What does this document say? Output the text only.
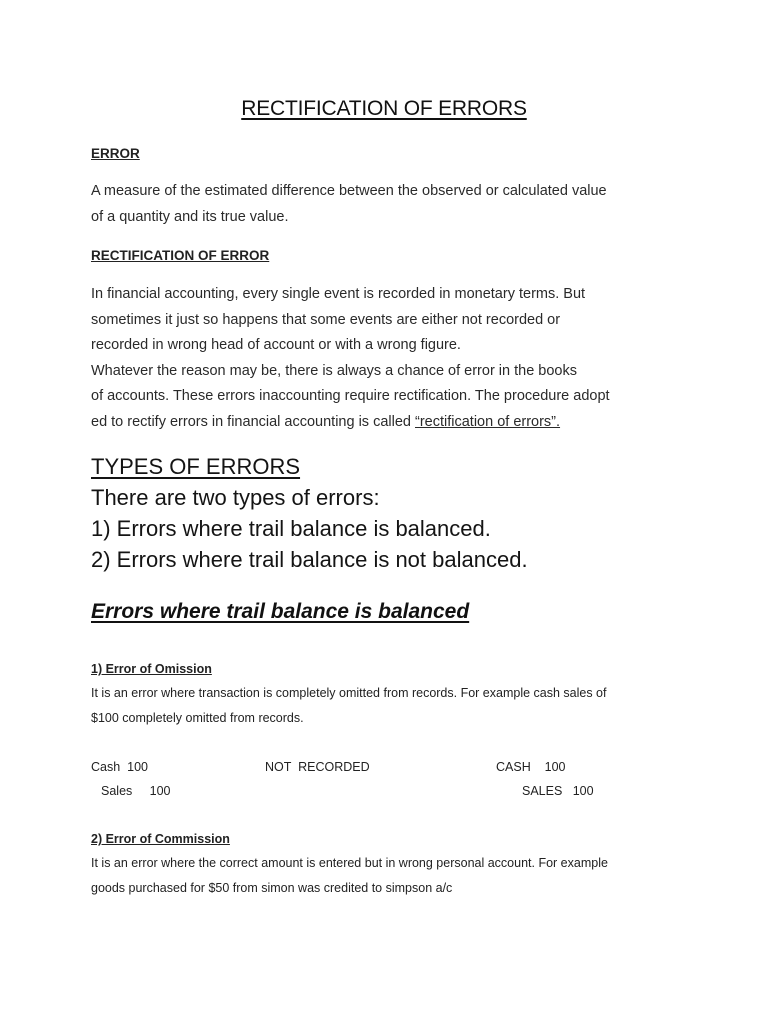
RECTIFICATION OF ERRORS
ERROR
A measure of the estimated difference between the observed or calculated value
of a quantity and its true value.
RECTIFICATION OF ERROR
In financial accounting, every single event is recorded in monetary terms. But
sometimes it just so happens that some events are either not recorded or
recorded in wrong head of account or with a wrong figure.
Whatever the reason may be, there is always a chance of error in the books
of accounts. These errors inaccounting require rectification. The procedure adopt
ed to rectify errors in financial accounting is called “rectification of errors”.
TYPES OF ERRORS
There are two types of errors:
1) Errors where trail balance is balanced.
2) Errors where trail balance is not balanced.
Errors where trail balance is balanced
1) Error of Omission
It is an error where transaction is completely omitted from records. For example cash sales of
$100 completely omitted from records.
Cash  100
Sales     100
NOT  RECORDED	CASH    100
SALES   100
2) Error of Commission
It is an error where the correct amount is entered but in wrong personal account. For example
goods purchased for $50 from simon was credited to simpson a/c
